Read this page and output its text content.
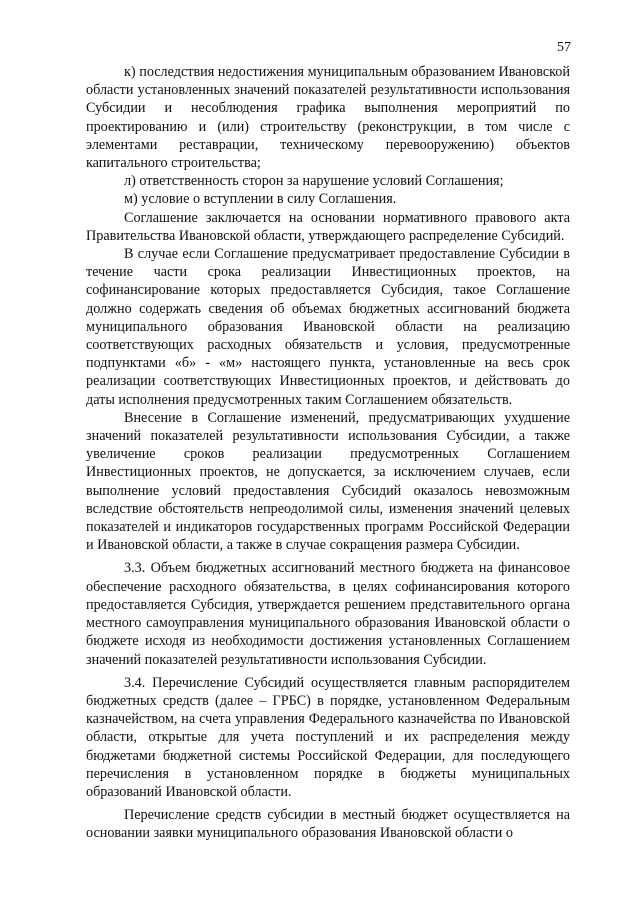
57

к) последствия недостижения муниципальным образованием Ивановской области установленных значений показателей результативности использования Субсидии и несоблюдения графика выполнения мероприятий по проектированию и (или) строительству (реконструкции, в том числе с элементами реставрации, техническому перевооружению) объектов капитального строительства;

л) ответственность сторон за нарушение условий Соглашения;

м) условие о вступлении в силу Соглашения.

Соглашение заключается на основании нормативного правового акта Правительства Ивановской области, утверждающего распределение Субсидий.

В случае если Соглашение предусматривает предоставление Субсидии в течение части срока реализации Инвестиционных проектов, на софинансирование которых предоставляется Субсидия, такое Соглашение должно содержать сведения об объемах бюджетных ассигнований бюджета муниципального образования Ивановской области на реализацию соответствующих расходных обязательств и условия, предусмотренные подпунктами «б» - «м» настоящего пункта, установленные на весь срок реализации соответствующих Инвестиционных проектов, и действовать до даты исполнения предусмотренных таким Соглашением обязательств.

Внесение в Соглашение изменений, предусматривающих ухудшение значений показателей результативности использования Субсидии, а также увеличение сроков реализации предусмотренных Соглашением Инвестиционных проектов, не допускается, за исключением случаев, если выполнение условий предоставления Субсидий оказалось невозможным вследствие обстоятельств непреодолимой силы, изменения значений целевых показателей и индикаторов государственных программ Российской Федерации и Ивановской области, а также в случае сокращения размера Субсидии.

3.3. Объем бюджетных ассигнований местного бюджета на финансовое обеспечение расходного обязательства, в целях софинансирования которого предоставляется Субсидия, утверждается решением представительного органа местного самоуправления муниципального образования Ивановской области о бюджете исходя из необходимости достижения установленных Соглашением значений показателей результативности использования Субсидии.

3.4. Перечисление Субсидий осуществляется главным распорядителем бюджетных средств (далее – ГРБС) в порядке, установленном Федеральным казначейством, на счета управления Федерального казначейства по Ивановской области, открытые для учета поступлений и их распределения между бюджетами бюджетной системы Российской Федерации, для последующего перечисления в установленном порядке в бюджеты муниципальных образований Ивановской области.

Перечисление средств субсидии в местный бюджет осуществляется на основании заявки муниципального образования Ивановской области о
